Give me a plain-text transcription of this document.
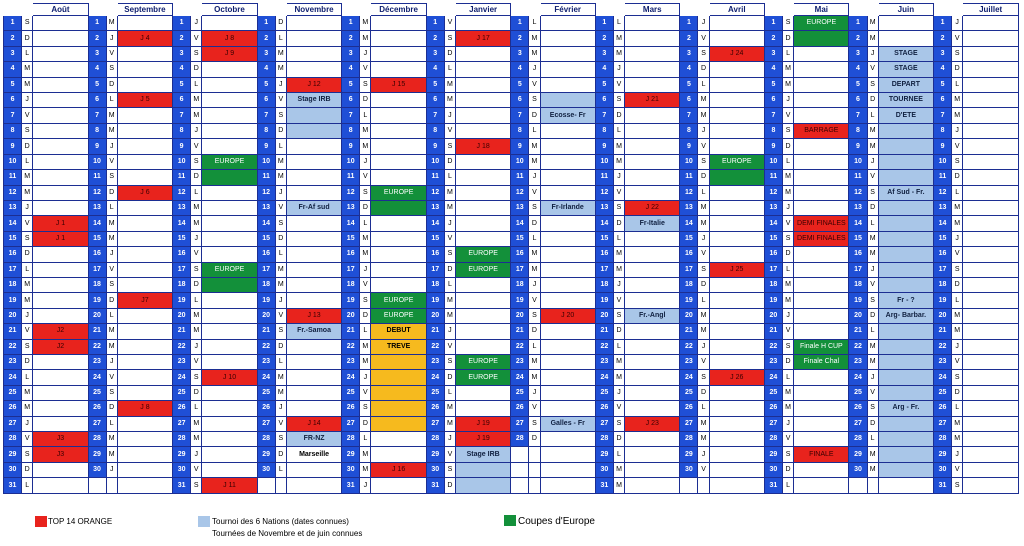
		Août			Septembre			Octobre			Novembre			Décembre			Janvier			Février			Mars			Avril			Mai			Juin			Juillet
1	S		1	M		1	J		1	D		1	M		1	V		1	L		1	L		1	J		1	S	EUROPE	1	M		1	J	
2	D		2	J	J 4	2	V	J 8	2	L		2	M		2	S	J 17	2	M		2	M		2	V		2	D		2	M		2	V	
3	L		3	V		3	S	J 9	3	M		3	J		3	D		3	M		3	M		3	S	J 24	3	L		3	J	STAGE	3	S	
4	M		4	S		4	D		4	M		4	V		4	L		4	J		4	J		4	D		4	M		4	V	STAGE	4	D	
5	M		5	D		5	L		5	J	J 12	5	S	J 15	5	M		5	V		5	V		5	L		5	M		5	S	DEPART	5	L	
6	J		6	L	J 5	6	M		6	V	Stage IRB	6	D		6	M		6	S		6	S	J 21	6	M		6	J		6	D	TOURNEE	6	M	
7	V		7	M		7	M		7	S		7	L		7	J		7	D	Ecosse- Fr	7	D		7	M		7	V		7	L	D'ETE	7	M	
8	S		8	M		8	J		8	D		8	M		8	V		8	L		8	L		8	J		8	S	BARRAGE	8	M		8	J	
9	D		9	J		9	V		9	L		9	M		9	S	J 18	9	M		9	M		9	V		9	D		9	M		9	V	
10	L		10	V		10	S	EUROPE	10	M		10	J		10	D		10	M		10	M		10	S	EUROPE	10	L		10	J		10	S	
11	M		11	S		11	D		11	M		11	V		11	L		11	J		11	J		11	D		11	M		11	V		11	D	
12	M		12	D	J 6	12	L		12	J		12	S	EUROPE	12	M		12	V		12	V		12	L		12	M		12	S	Af Sud - Fr.	12	L	
13	J		13	L		13	M		13	V	Fr-Af sud	13	D		13	M		13	S	Fr-Irlande	13	S	J 22	13	M		13	J		13	D		13	M	
14	V	J 1	14	M		14	M		14	S		14	L		14	J		14	D		14	D	Fr-Italie	14	M		14	V	DEMI FINALES	14	L		14	M	
15	S	J 1	15	M		15	J		15	D		15	M		15	V		15	L		15	L		15	J		15	S	DEMI FINALES	15	M		15	J	
16	D		16	J		16	V		16	L		16	M		16	S	EUROPE	16	M		16	M		16	V		16	D		16	M		16	V	
17	L		17	V		17	S	EUROPE	17	M		17	J		17	D	EUROPE	17	M		17	M		17	S	J 25	17	L		17	J		17	S	
18	M		18	S		18	D		18	M		18	V		18	L		18	J		18	J		18	D		18	M		18	V		18	D	
19	M		19	D	J7	19	L		19	J		19	S	EUROPE	19	M		19	V		19	V		19	L		19	M		19	S	Fr - ?	19	L	
20	J		20	L		20	M		20	V	J 13	20	D	EUROPE	20	M		20	S	J 20	20	S	Fr.-Angl	20	M		20	J		20	D	Arg- Barbar.	20	M	
21	V	J2	21	M		21	M		21	S	Fr.-Samoa	21	L	DEBUT	21	J		21	D		21	D		21	M		21	V		21	L		21	M	
22	S	J2	22	M		22	J		22	D		22	M	TREVE	22	V		22	L		22	L		22	J		22	S	Finale H CUP	22	M		22	J	
23	D		23	J		23	V		23	L		23	M		23	S	EUROPE	23	M		23	M		23	V		23	D	Finale Chal	23	M		23	V	
24	L		24	V		24	S	J 10	24	M		24	J		24	D	EUROPE	24	M		24	M		24	S	J 26	24	L		24	J		24	S	
25	M		25	S		25	D		25	M		25	V		25	L		25	J		25	J		25	D		25	M		25	V		25	D	
26	M		26	D	J 8	26	L		26	J		26	S		26	M		26	V		26	V		26	L		26	M		26	S	Arg - Fr.	26	L	
27	J		27	L		27	M		27	V	J 14	27	D		27	M	J 19	27	S	Galles - Fr	27	S	J 23	27	M		27	J		27	D		27	M	
28	V	J3	28	M		28	M		28	S	FR-NZ	28	L		28	J	J 19	28	D		28	D		28	M		28	V		28	L		28	M	
29	S	J3	29	M		29	J		29	D	Marseille	29	M		29	V	Stage IRB				29	L		29	J		29	S	FINALE	29	M		29	J	
30	D		30	J		30	V		30	L		30	M	J 16	30	S					30	M		30	V		30	D		30	M		30	V	
31	L					31	S	J 11				31	J		31	D					31	M					31	L					31	S	
TOP 14 ORANGE	Tournoi des 6 Nations (dates connues)
Tournées de Novembre et de juin connues
Coupes d'Europe
